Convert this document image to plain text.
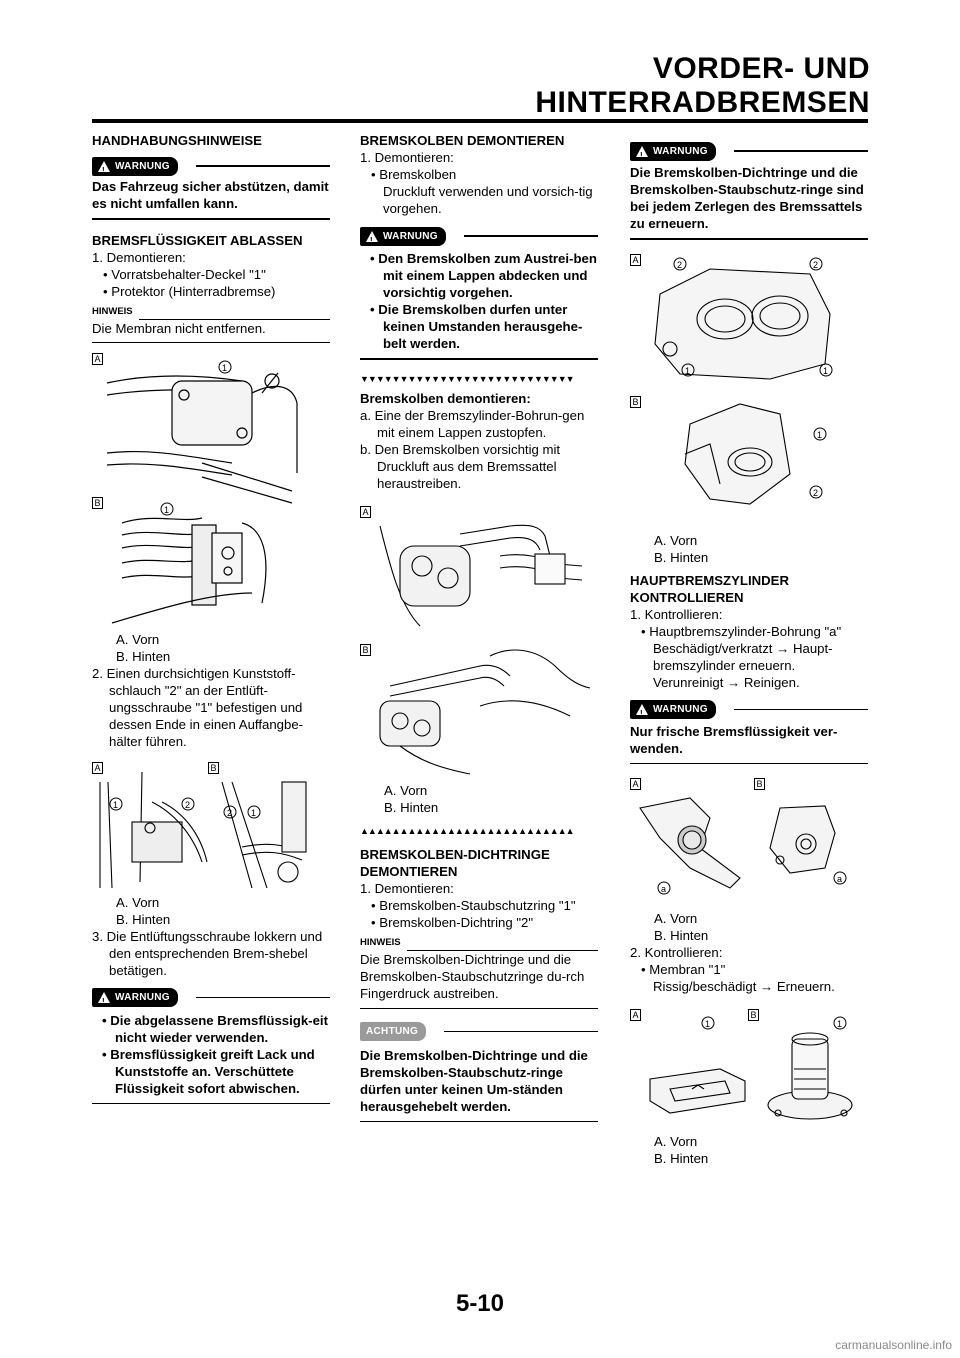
VORDER- UND HINTERRADBREMSEN

HANDHABUNGSHINWEISE

!
WARNUNG

Das Fahrzeug sicher abstützen, damit es nicht umfallen kann.

BREMSFLÜSSIGKEIT ABLASSEN

1. Demontieren:

• Vorratsbehalter-Deckel "1"

• Protektor (Hinterradbremse)

HINWEIS

Die Membran nicht entfernen.

A
B
1
1

A. Vorn

B. Hinten

2. Einen durchsichtigen Kunststoff-schlauch "2" an der Entlüft-ungsschraube "1" befestigen und dessen Ende in einen Auffangbe-hälter führen.

A	B
1	2
2 1

A. Vorn

B. Hinten

3. Die Entlüftungsschraube lokkern und den entsprechenden Brem-shebel betätigen.

!
WARNUNG

• Die abgelassene Bremsflüssigk-eit nicht wieder verwenden.

• Bremsflüssigkeit greift Lack und Kunststoffe an. Verschüttete Flüssigkeit sofort abwischen.

BREMSKOLBEN DEMONTIEREN

1. Demontieren:

• Bremskolben

Druckluft verwenden und vorsich-tig vorgehen.

!
WARNUNG

• Den Bremskolben zum Austrei-ben mit einem Lappen abdecken und vorsichtig vorgehen.

• Die Bremskolben durfen unter keinen Umstanden herausgehe-belt werden.

▼▼▼▼▼▼▼▼▼▼▼▼▼▼▼▼▼▼▼▼▼▼▼▼▼▼▼

Bremskolben demontieren:

a. Eine der Bremszylinder-Bohrun-gen mit einem Lappen zustopfen.

b. Den Bremskolben vorsichtig mit Druckluft aus dem Bremssattel heraustreiben.

A
B

A. Vorn

B. Hinten

▲▲▲▲▲▲▲▲▲▲▲▲▲▲▲▲▲▲▲▲▲▲▲▲▲▲▲

BREMSKOLBEN-DICHTRINGE DEMONTIEREN

1. Demontieren:

• Bremskolben-Staubschutzring "1"

• Bremskolben-Dichtring "2"

HINWEIS

Die Bremskolben-Dichtringe und die Bremskolben-Staubschutzringe du-rch Fingerdruck austreiben.

ACHTUNG

Die Bremskolben-Dichtringe und die Bremskolben-Staubschutz-ringe dürfen unter keinen Um-ständen herausgehebelt werden.

!
WARNUNG

Die Bremskolben-Dichtringe und die Bremskolben-Staubschutz-ringe sind bei jedem Zerlegen des Bremssattels zu erneuern.

A
B
2	2
1	1
1
2

A. Vorn

B. Hinten

HAUPTBREMSZYLINDER KONTROLLIEREN

1. Kontrollieren:

• Hauptbremszylinder-Bohrung "a"

Beschädigt/verkratzt → Haupt-bremszylinder erneuern.

Verunreinigt → Reinigen.

!
WARNUNG

Nur frische Bremsflüssigkeit ver-wenden.

A	B
a
a

A. Vorn

B. Hinten

2. Kontrollieren:

• Membran "1"

Rissig/beschädigt → Erneuern.

A	B
1	1

A. Vorn

B. Hinten

5-10
carmanualsonline.info
